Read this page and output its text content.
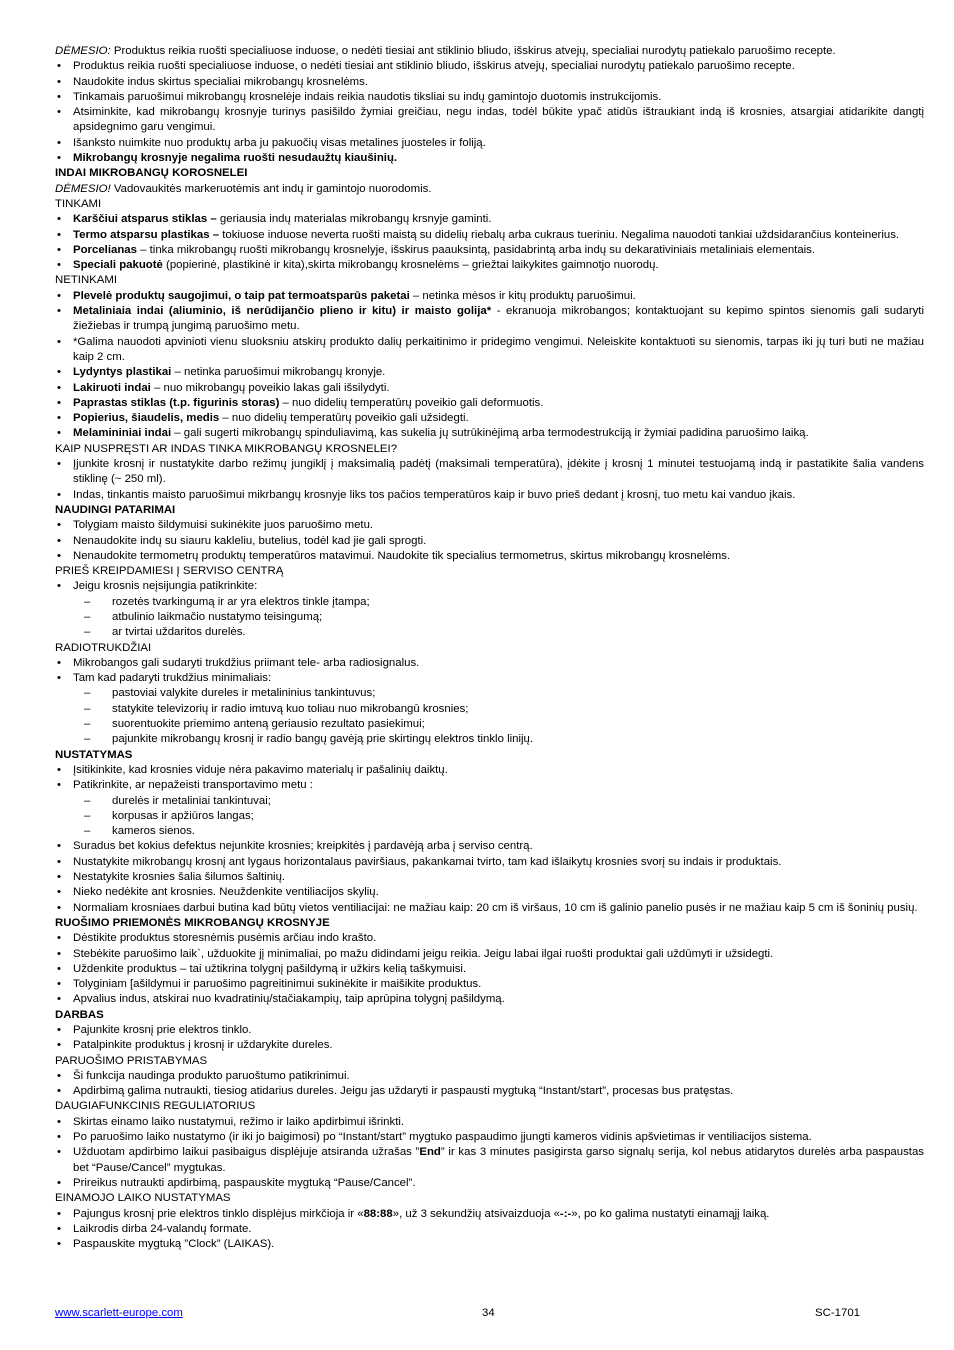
DĖMESIO: Produktus reikia ruošti specialiuose induose, o nedėti tiesiai ant stiklinio bliudo, išskirus atvejų, specialiai nurodytų patiekalo paruošimo recepte.
• Produktus reikia ruošti specialiuose induose, o nedėti tiesiai ant stiklinio bliudo, išskirus atvejų, specialiai nurodytų patiekalo paruošimo recepte.
• Naudokite indus skirtus specialiai mikrobangų krosnelėms.
• Tinkamais paruošimui mikrobangų krosnelėje indais reikia naudotis tiksliai su indų gamintojo duotomis instrukcijomis.
• Atsiminkite, kad mikrobangų krosnyje turinys pasišildo žymiai greičiau, negu indas, todėl būkite ypač atidūs ištraukiant indą iš krosnies, atsargiai atidarikite dangtį apsidegnimo garu vengimui.
• Išanksto nuimkite nuo produktų arba ju pakuočių visas metalines juosteles ir foliją.
• Mikrobangų krosnyje negalima ruošti nesudaužtų kiaušinių.
INDAI MIKROBANGŲ KOROSNELEI
DĖMESIO! Vadovaukitės markeruotėmis ant indų ir gamintojo nuorodomis.
TINKAMI
• Karščiui atsparus stiklas – geriausia indų materialas mikrobangų krsnyje gaminti.
• Termo atsparsu plastikas – tokiuose induose neverta ruošti maistą su didelių riebalų arba cukraus tueriniu. Negalima nauodoti tankiai uždsidarančius konteinerius.
• Porcelianas – tinka mikrobangų ruošti mikrobangų krosnelyje, išskirus paauksintą, pasidabrintą arba indų su dekarativiniais metaliniais elementais.
• Speciali pakuotė (popierinė, plastikinė ir kita),skirta mikrobangų krosnelėms – griežtai laikykites gaimnotjo nuorodų.
NETINKAMI
• Plevelė produktų saugojimui, o taip pat termoatsparūs paketai – netinka mėsos ir kitų produktų paruošimui.
• Metaliniaia indai (aliuminio, iš nerūdijančio plieno ir kitu) ir maisto golija* - ekranuoja mikrobangos; kontaktuojant su kepimo spintos sienomis gali sudaryti žiežiebas ir trumpą jungimą paruošimo metu.
• *Galima nauodoti apvinioti vienu sluoksniu atskirų produkto dalių perkaitinimo ir pridegimo vengimui. Neleiskite kontaktuoti su sienomis, tarpas iki jų turi buti ne mažiau kaip 2 cm.
• Lydyntys plastikai – netinka paruošimui mikrobangų kronyje.
• Lakiruoti indai – nuo mikrobangų poveikio lakas gali išsilydyti.
• Paprastas stiklas (t.p. figurinis storas) – nuo didelių temperatūrų poveikio gali deformuotis.
• Popierius, šiaudelis, medis – nuo didelių temperatūrų poveikio gali užsidegti.
• Melamininiai indai – gali sugerti mikrobangų spinduliavimą, kas sukelia jų sutrūkinėjimą arba termodestrukciją ir žymiai padidina paruošimo laiką.
KAIP NUSPRĘSTI AR INDAS TINKA MIKROBANGŲ KROSNELEI?
• Įjunkite krosnį ir nustatykite darbo režimų jungiklį į maksimalią padėtį (maksimali temperatūra), įdėkite į krosnį 1 minutei testuojamą indą ir pastatikite šalia vandens stiklinę (~ 250 ml).
• Indas, tinkantis maisto paruošimui mikrbangų krosnyje liks tos pačios temperatūros kaip ir buvo prieš dedant į krosnį, tuo metu kai vanduo įkais.
NAUDINGI PATARIMAI
• Tolygiam maisto šildymuisi sukinėkite juos paruošimo metu.
• Nenaudokite indų su siauru kakleliu, butelius, todėl kad jie gali sprogti.
• Nenaudokite termometrų produktų temperatūros matavimui. Naudokite tik specialius termometrus, skirtus mikrobangų krosnelėms.
PRIEŠ KREIPDAMIESI Į SERVISO CENTRĄ
• Jeigu krosnis neįsijungia patikrinkite:
– rozetės tvarkingumą ir ar yra elektros tinkle įtampa;
– atbulinio laikmačio nustatymo teisingumą;
– ar tvirtai uždaritos durelės.
RADIOTRUKDŽIAI
• Mikrobangos gali sudaryti trukdžius priimant tele- arba radiosignalus.
• Tam kad padaryti trukdžius minimaliais:
– pastoviai valykite dureles ir metalininius tankintuvus;
– statykite televizorių ir radio imtuvą kuo toliau nuo mikrobangū krosnies;
– suorentuokite priemimo anteną geriausio rezultato pasiekimui;
– pajunkite mikrobangų krosnį ir radio bangų gavėją prie skirtingų elektros tinklo linijų.
NUSTATYMAS
• Įsitikinkite, kad krosnies viduje nėra pakavimo materialų ir pašalinių daiktų.
• Patikrinkite, ar nepažeisti transportavimo metu :
– durelės ir metaliniai tankintuvai;
– korpusas ir apžiūros langas;
– kameros sienos.
• Suradus bet kokius defektus nejunkite krosnies; kreipkitės į pardavėją arba į serviso centrą.
• Nustatykite mikrobangų krosnį ant lygaus horizontalaus paviršiaus, pakankamai tvirto, tam kad išlaikytų krosnies svorį su indais ir produktais.
• Nestatykite krosnies šalia šilumos šaltinių.
• Nieko nedėkite ant krosnies. Neuždenkite ventiliacijos skylių.
• Normaliam krosniaes darbui butina kad būtų vietos ventiliacijai: ne mažiau kaip: 20 cm iš viršaus, 10 cm iš galinio panelio pusės ir ne mažiau kaip 5 cm iš šoninių pusių.
RUOŠIMO PRIEMONĖS MIKROBANGŲ KROSNYJE
• Dėstikite produktus storesnėmis pusėmis arčiau indo krašto.
• Stebėkite paruošimo laik`, užduokite jį minimaliai, po mažu didindami jeigu reikia. Jeigu labai ilgai ruošti produktai gali uždūmyti ir užsidegti.
• Uždenkite produktus – tai užtikrina tolygnį pašildymą ir užkirs kelią taškymuisi.
• Tolyginiam [ašildymui ir paruošimo pagreitinimui sukinėkite ir maišikite produktus.
• Apvalius indus, atskirai nuo kvadratinių/stačiakampių, taip aprūpina tolygnį pašildymą.
DARBAS
• Pajunkite krosnį prie elektros tinklo.
• Patalpinkite produktus į krosnį ir uždarykite dureles.
PARUOŠIMO PRISTABYMAS
• Ši funkcija naudinga produkto paruoštumo patikrinimui.
• Apdirbimą galima nutraukti, tiesiog atidarius dureles. Jeigu jas uždaryti ir paspausti mygtuką “Instant/start”, procesas bus pratęstas.
DAUGIAFUNKCINIS REGULIATORIUS
• Skirtas einamo laiko nustatymui, režimo ir laiko apdirbimui išrinkti.
• Po paruošimo laiko nustatymo (ir iki jo baigimosi) po “Instant/start” mygtuko paspaudimo įjungti kameros vidinis apšvietimas ir ventiliacijos sistema.
• Užduotam apdirbimo laikui pasibaigus displėjuje atsiranda užrašas ”End” ir kas 3 minutes pasigirsta garso signalų serija, kol nebus atidarytos durelės arba paspaustas bet “Pause/Cancel” mygtukas.
• Prireikus nutraukti apdirbimą, paspauskite mygtuką “Pause/Cancel”.
EINAMOJO LAIKO NUSTATYMAS
• Pajungus krosnį prie elektros tinklo displėjus mirkčioja ir «88:88», už 3 sekundžių atsivaizduoja «-:-», po ko galima nustatyti einamąjį laiką.
• Laikrodis dirba 24-valandų formate.
• Paspauskite mygtuką ”Clock” (LAIKAS).
www.scarlett-europe.com	34	SC-1701
